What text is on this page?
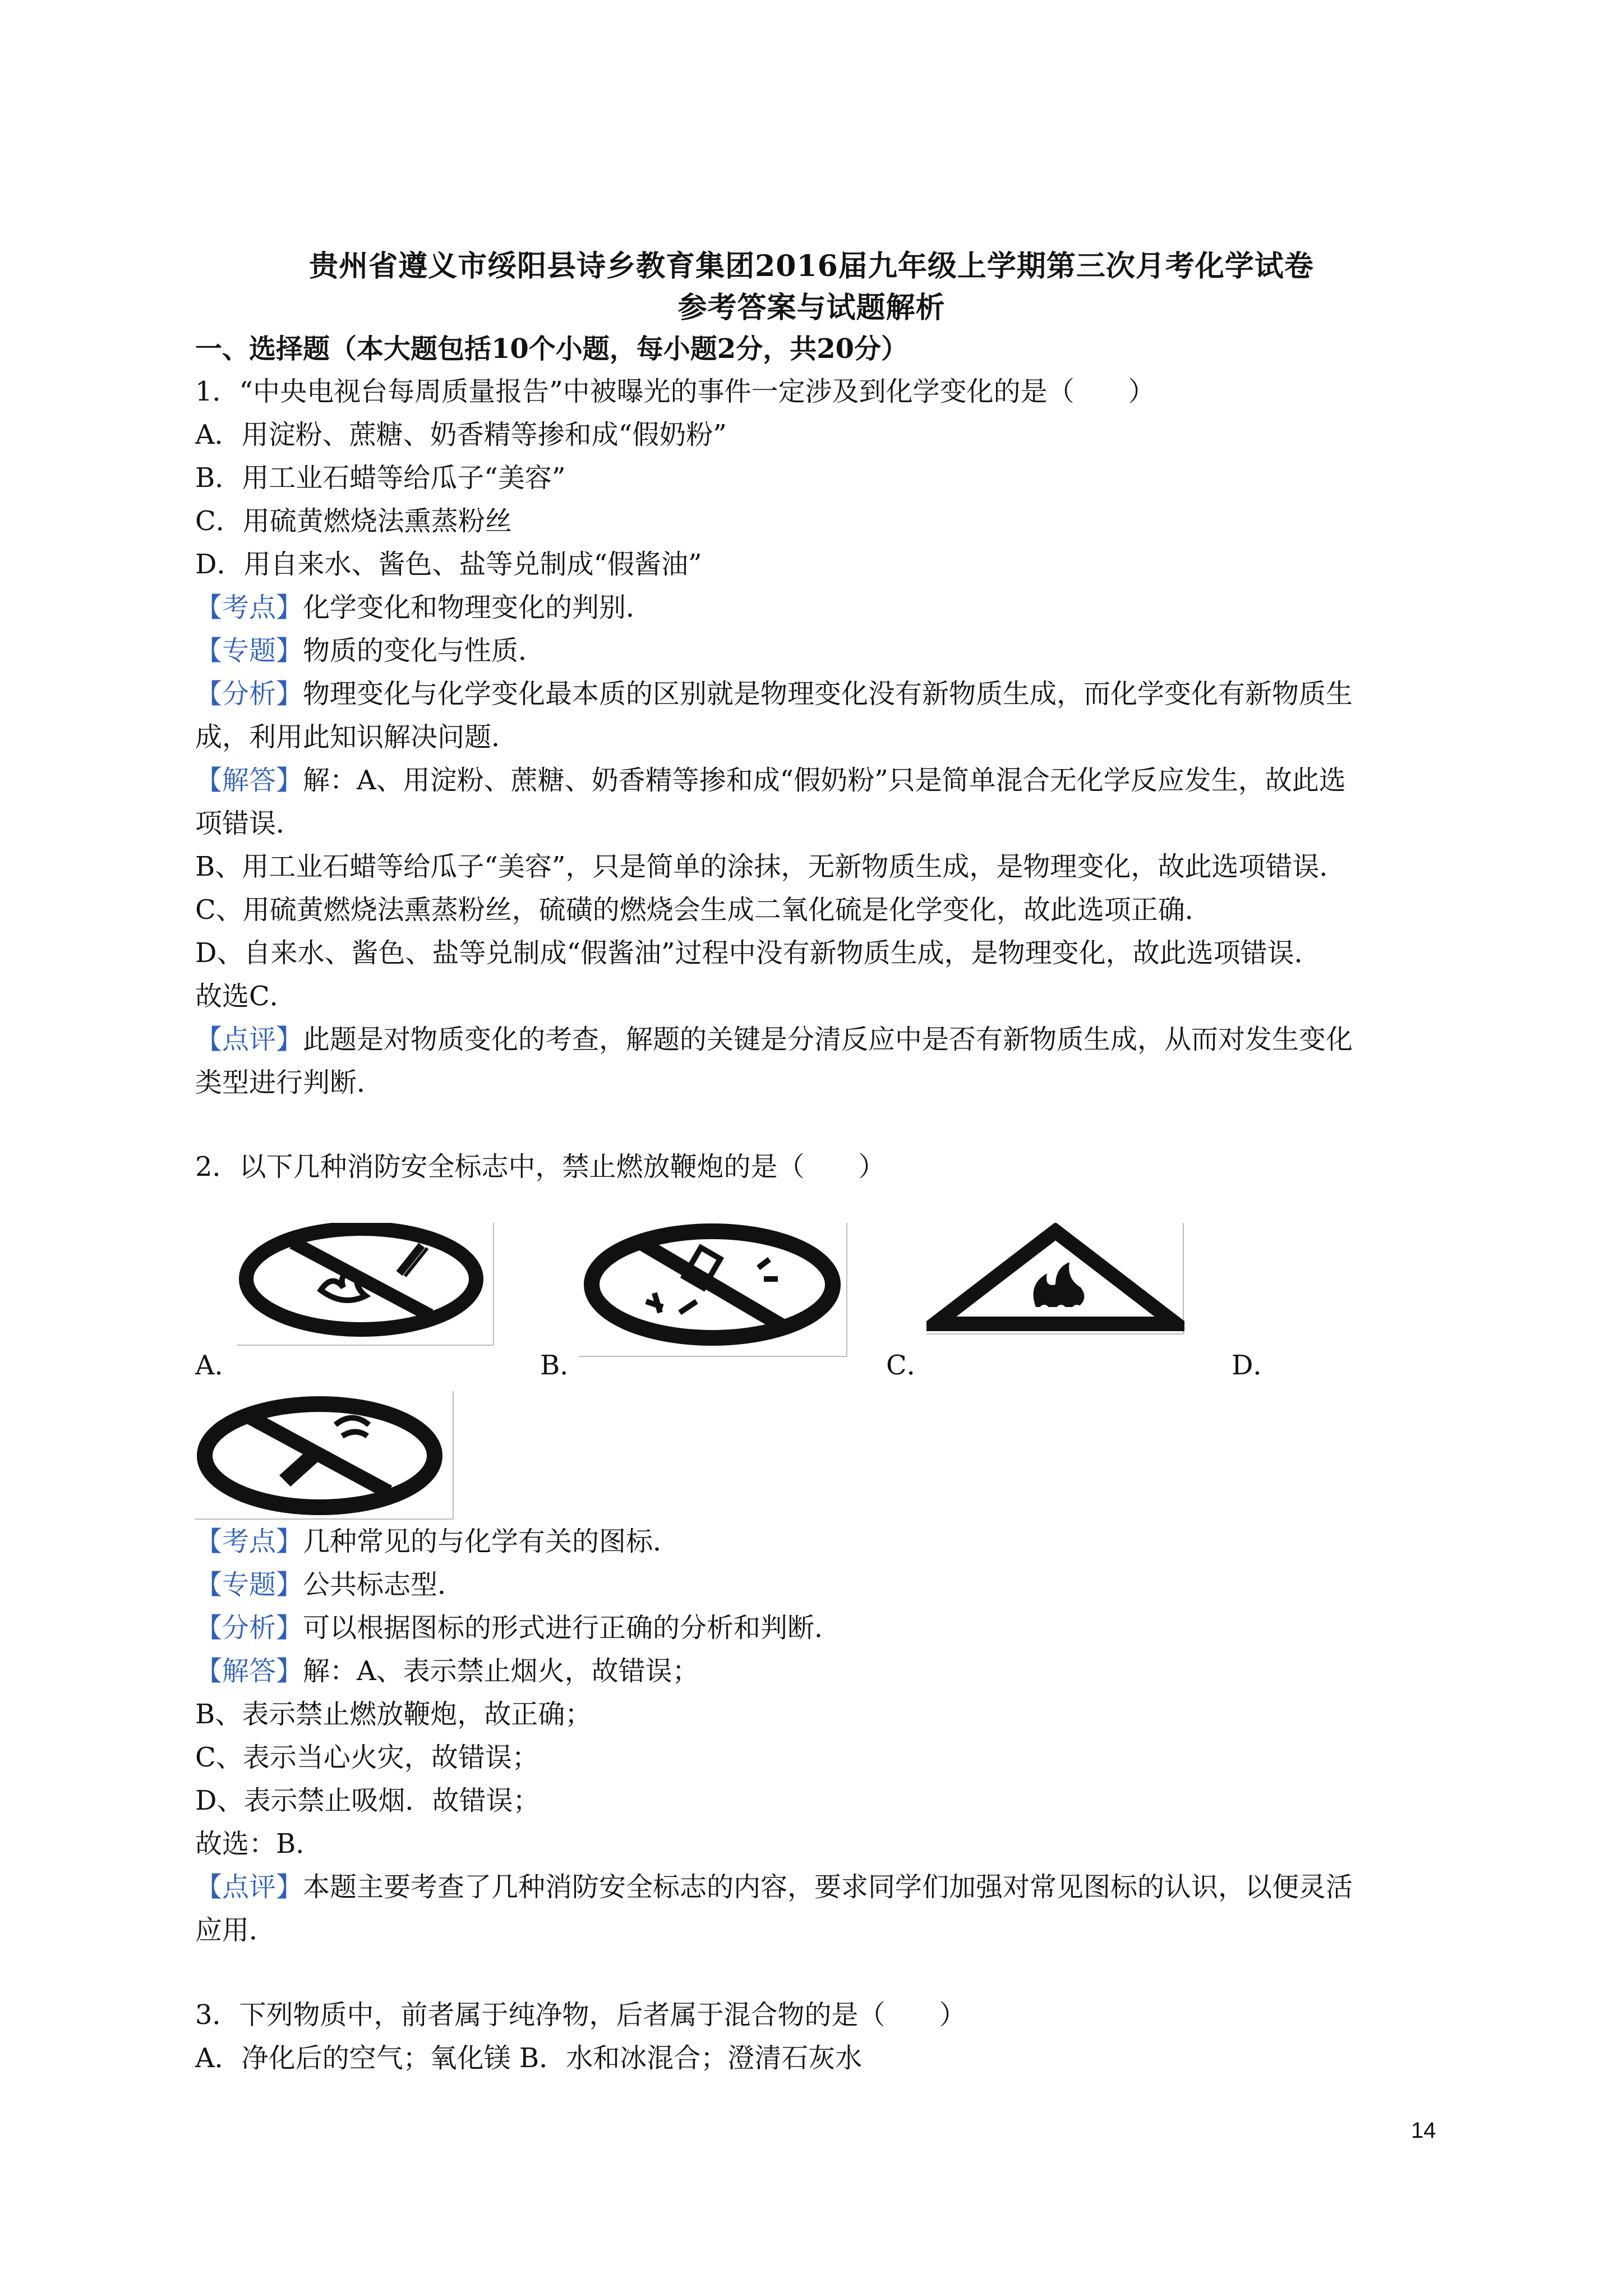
贵州省遵义市绥阳县诗乡教育集团2016届九年级上学期第三次月考化学试卷
参考答案与试题解析
一、选择题（本大题包括10个小题，每小题2分，共20分）
1．“中央电视台每周质量报告”中被曝光的事件一定涉及到化学变化的是（　　）
A．用淀粉、蔗糖、奶香精等掺和成“假奶粉”
B．用工业石蜡等给瓜子“美容”
C．用硫黄燃烧法熏蒸粉丝
D．用自来水、酱色、盐等兑制成“假酱油”
【考点】化学变化和物理变化的判别．
【专题】物质的变化与性质．
【分析】物理变化与化学变化最本质的区别就是物理变化没有新物质生成，而化学变化有新物质生
成，利用此知识解决问题．
【解答】解：A、用淀粉、蔗糖、奶香精等掺和成“假奶粉”只是简单混合无化学反应发生，故此选
项错误．
B、用工业石蜡等给瓜子“美容”，只是简单的涂抹，无新物质生成，是物理变化，故此选项错误．
C、用硫黄燃烧法熏蒸粉丝，硫磺的燃烧会生成二氧化硫是化学变化，故此选项正确．
D、自来水、酱色、盐等兑制成“假酱油”过程中没有新物质生成，是物理变化，故此选项错误．
故选C．
【点评】此题是对物质变化的考查，解题的关键是分清反应中是否有新物质生成，从而对发生变化
类型进行判断．
2．以下几种消防安全标志中，禁止燃放鞭炮的是（　　）
A．	B．	C．	D．
【考点】几种常见的与化学有关的图标．
【专题】公共标志型．
【分析】可以根据图标的形式进行正确的分析和判断．
【解答】解：A、表示禁止烟火，故错误；
B、表示禁止燃放鞭炮，故正确；
C、表示当心火灾，故错误；
D、表示禁止吸烟．故错误；
故选：B．
【点评】本题主要考查了几种消防安全标志的内容，要求同学们加强对常见图标的认识，以便灵活
应用．
3．下列物质中，前者属于纯净物，后者属于混合物的是（　　）
A．净化后的空气；氧化镁 B．水和冰混合；澄清石灰水
14
